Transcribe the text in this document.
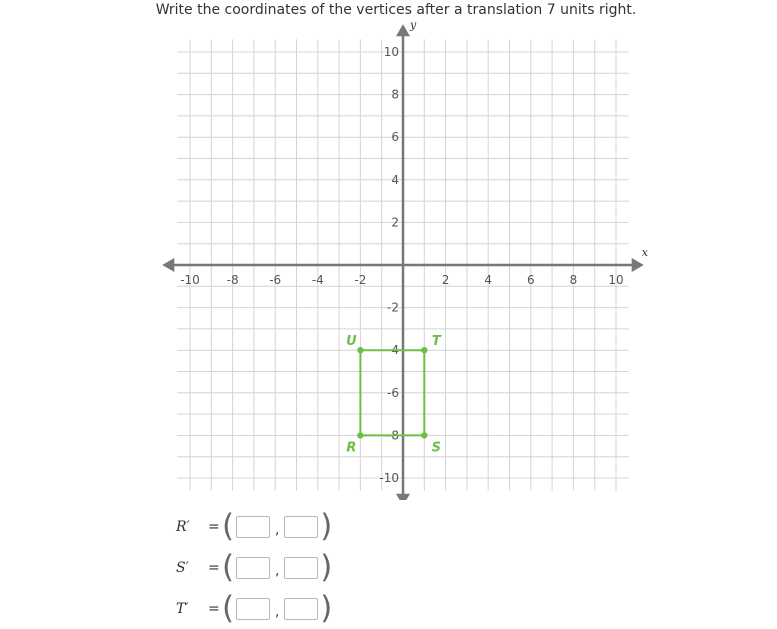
Write the coordinates of the vertices after a translation 7 units right.
x
y
-10 -8	-6	-4	-2	2	4	6	8	10
10
8
6
4
2
-2
-4
-6
-8
-10
U	T
S
R
R′	= (	, )
S′	= (	, )
T′	= (	, )
